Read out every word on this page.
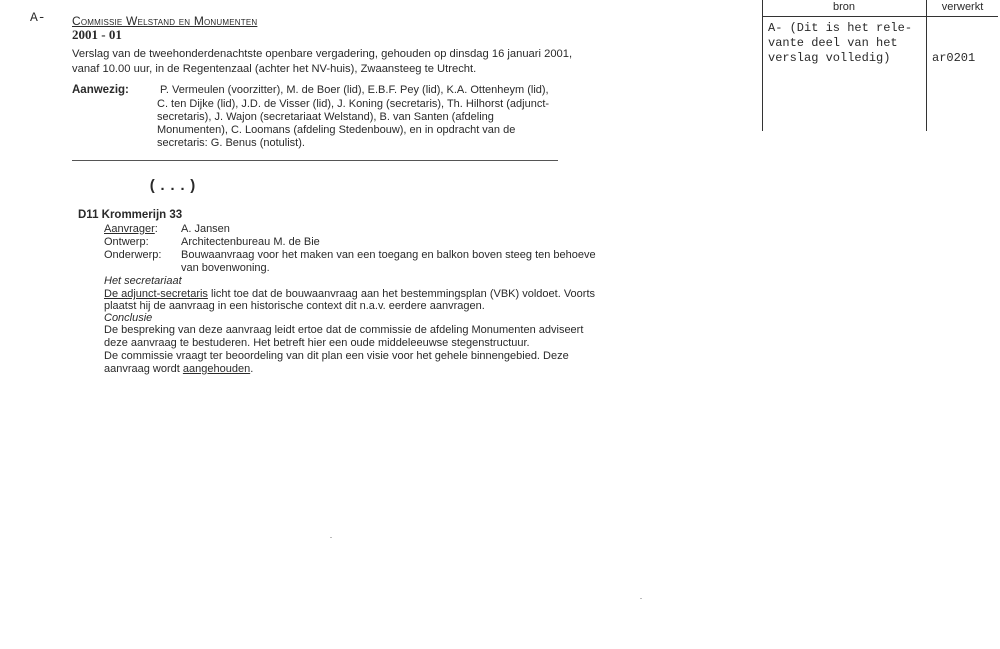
A- Commissie Welstand en Monumenten
2001 - 01
Verslag van de tweehonderdenachtste openbare vergadering, gehouden op dinsdag 16 januari 2001,
vanaf 10.00 uur, in de Regentenzaal (achter het NV-huis), Zwaansteeg te Utrecht.
Aanwezig:	P. Vermeulen (voorzitter), M. de Boer (lid), E.B.F. Pey (lid), K.A. Ottenheym (lid),
C. ten Dijke (lid), J.D. de Visser (lid), J. Koning (secretaris), Th. Hilhorst (adjunct-
secretaris), J. Wajon (secretariaat Welstand), B. van Santen (afdeling
Monumenten), C. Loomans (afdeling Stedenbouw), en in opdracht van de
secretaris: G. Benus (notulist).
(...)
D11 Krommerijn 33
Aanvrager: A. Jansen
Ontwerp:	Architectenbureau M. de Bie
Onderwerp: Bouwaanvraag voor het maken van een toegang en balkon boven steeg ten behoeve
van bovenwoning.
Het secretariaat
De adjunct-secretaris licht toe dat de bouwaanvraag aan het bestemmingsplan (VBK) voldoet. Voorts
plaatst hij de aanvraag in een historische context dit n.a.v. eerdere aanvragen.
Conclusie
De bespreking van deze aanvraag leidt ertoe dat de commissie de afdeling Monumenten adviseert
deze aanvraag te bestuderen. Het betreft hier een oude middeleeuwse stegenstructuur.
De commissie vraagt ter beoordeling van dit plan een visie voor het gehele binnengebied. Deze
aanvraag wordt aangehouden.
bron	verwerkt
A- (Dit is het rele-
vante deel van het
verslag volledig)	ar0201
